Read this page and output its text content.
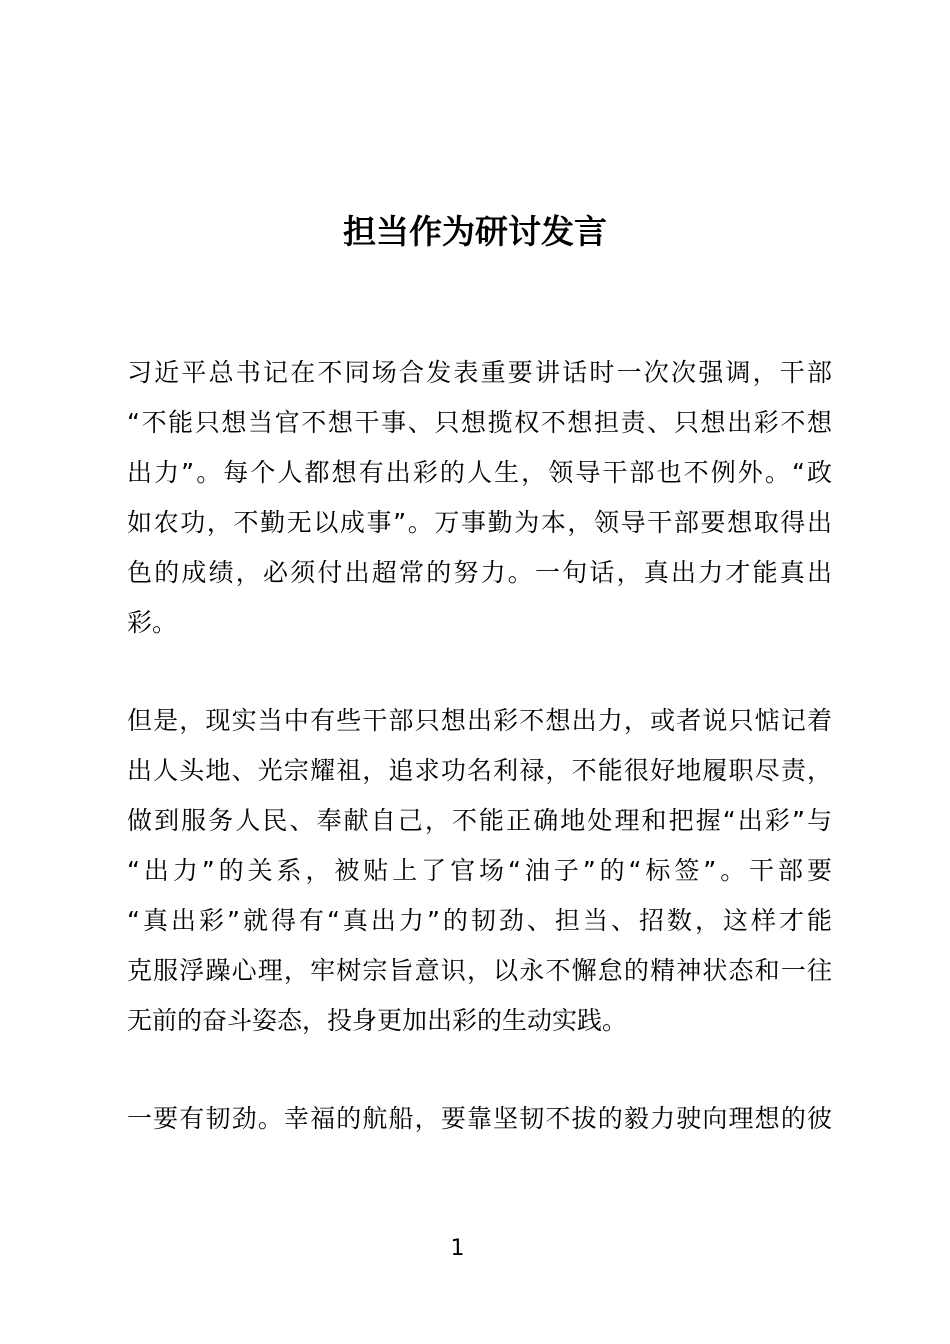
担当作为研讨发言
习近平总书记在不同场合发表重要讲话时一次次强调，干部
“不能只想当官不想干事、只想揽权不想担责、只想出彩不想
出力”。每个人都想有出彩的人生，领导干部也不例外。“政
如农功，不勤无以成事”。万事勤为本，领导干部要想取得出
色的成绩，必须付出超常的努力。一句话，真出力才能真出
彩。
但是，现实当中有些干部只想出彩不想出力，或者说只惦记着
出人头地、光宗耀祖，追求功名利禄，不能很好地履职尽责，
做到服务人民、奉献自己，不能正确地处理和把握“出彩”与
“出力”的关系，被贴上了官场“油子”的“标签”。干部要
“真出彩”就得有“真出力”的韧劲、担当、招数，这样才能
克服浮躁心理，牢树宗旨意识，以永不懈怠的精神状态和一往
无前的奋斗姿态，投身更加出彩的生动实践。
一要有韧劲。幸福的航船，要靠坚韧不拔的毅力驶向理想的彼
1
